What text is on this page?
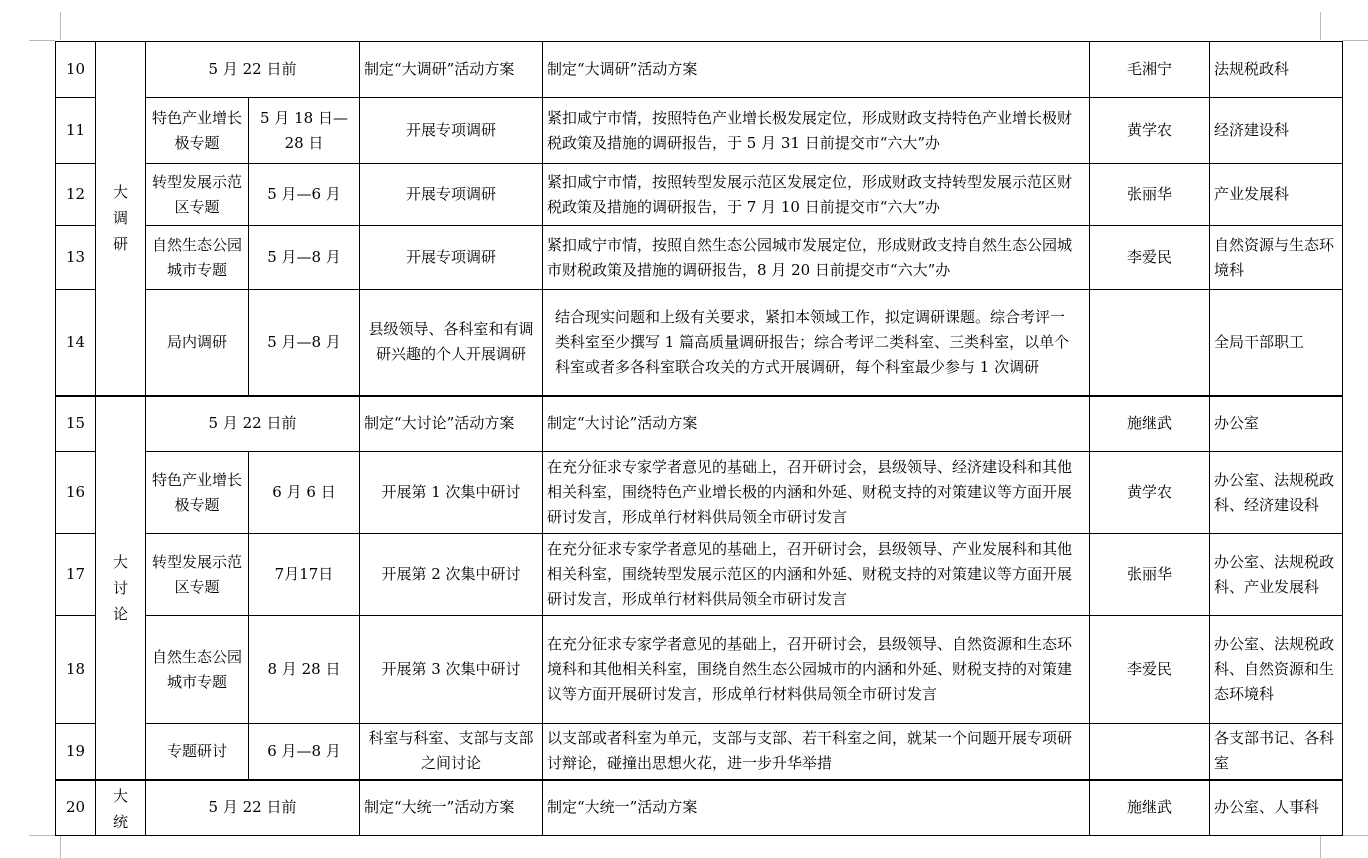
10	大调研	5 月 22 日前		制定“大调研”活动方案	制定“大调研”活动方案	毛湘宁	法规税政科
11		特色产业增长极专题	5 月 18 日—28 日	开展专项调研	紧扣咸宁市情，按照特色产业增长极发展定位，形成财政支持特色产业增长极财税政策及措施的调研报告，于 5 月 31 日前提交市“六大”办	黄学农	经济建设科
12		转型发展示范区专题	5 月—6 月	开展专项调研	紧扣咸宁市情，按照转型发展示范区发展定位，形成财政支持转型发展示范区财税政策及措施的调研报告，于 7 月 10 日前提交市“六大”办	张丽华	产业发展科
13		自然生态公园城市专题	5 月—8 月	开展专项调研	紧扣咸宁市情，按照自然生态公园城市发展定位，形成财政支持自然生态公园城市财税政策及措施的调研报告，8 月 20 日前提交市“六大”办	李爱民	自然资源与生态环境科
14		局内调研	5 月—8 月	县级领导、各科室和有调研兴趣的个人开展调研	结合现实问题和上级有关要求，紧扣本领域工作，拟定调研课题。综合考评一类科室至少撰写 1 篇高质量调研报告；综合考评二类科室、三类科室，以单个科室或者多各科室联合攻关的方式开展调研，每个科室最少参与 1 次调研		全局干部职工
15	大讨论	5 月 22 日前		制定“大讨论”活动方案	制定“大讨论”活动方案	施继武	办公室
16		特色产业增长极专题	6 月 6 日	开展第 1 次集中研讨	在充分征求专家学者意见的基础上，召开研讨会，县级领导、经济建设科和其他相关科室，围绕特色产业增长极的内涵和外延、财税支持的对策建议等方面开展研讨发言，形成单行材料供局领全市研讨发言	黄学农	办公室、法规税政科、经济建设科
17		转型发展示范区专题	7月17日	开展第 2 次集中研讨	在充分征求专家学者意见的基础上，召开研讨会，县级领导、产业发展科和其他相关科室，围绕转型发展示范区的内涵和外延、财税支持的对策建议等方面开展研讨发言，形成单行材料供局领全市研讨发言	张丽华	办公室、法规税政科、产业发展科
18		自然生态公园城市专题	8 月 28 日	开展第 3 次集中研讨	在充分征求专家学者意见的基础上，召开研讨会，县级领导、自然资源和生态环境科和其他相关科室，围绕自然生态公园城市的内涵和外延、财税支持的对策建议等方面开展研讨发言，形成单行材料供局领全市研讨发言	李爱民	办公室、法规税政科、自然资源和生态环境科
19		专题研讨	6 月—8 月	科室与科室、支部与支部之间讨论	以支部或者科室为单元，支部与支部、若干科室之间，就某一个问题开展专项研讨辩论，碰撞出思想火花，进一步升华举措		各支部书记、各科室
20	大统	5 月 22 日前		制定“大统一”活动方案	制定“大统一”活动方案	施继武	办公室、人事科
